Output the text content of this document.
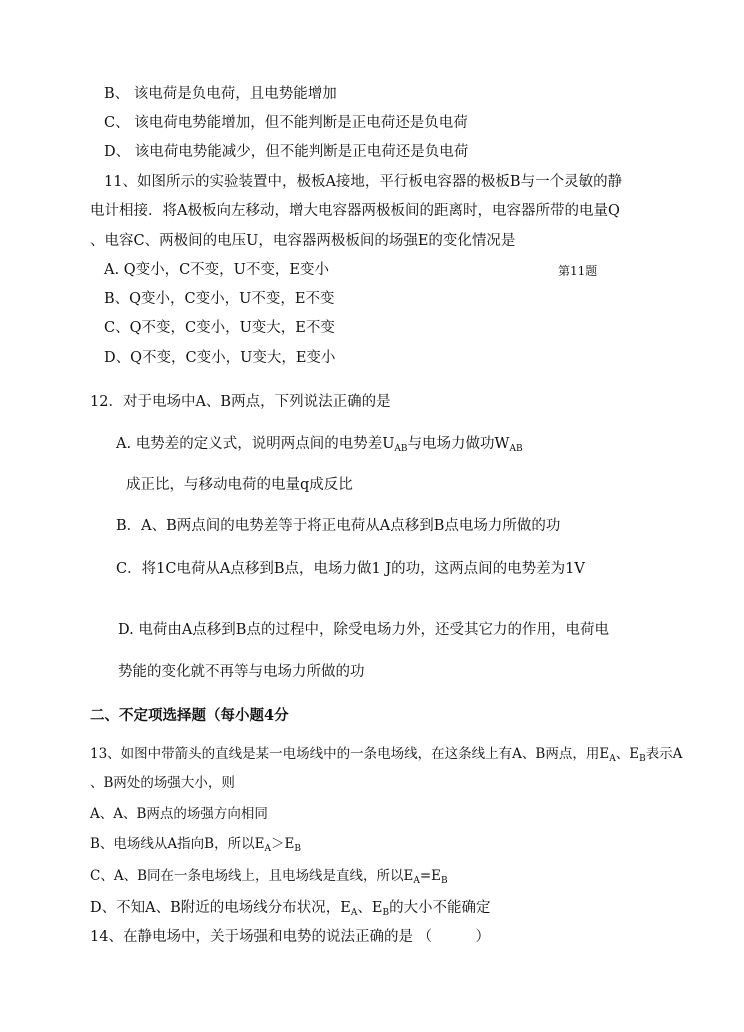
B、 该电荷是负电荷，且电势能增加
C、 该电荷电势能增加，但不能判断是正电荷还是负电荷
D、 该电荷电势能减少，但不能判断是正电荷还是负电荷
11、如图所示的实验装置中，极板A接地，平行板电容器的极板B与一个灵敏的静
电计相接．将A极板向左移动，增大电容器两极板间的距离时，电容器所带的电量Q
、电容C、两极间的电压U，电容器两极板间的场强E的变化情况是
A. Q变小，C不变，U不变，E变小	第11题
B、Q变小，C变小，U不变，E不变
C、Q不变，C变小，U变大，E不变
D、Q不变，C变小，U变大，E变小
12．对于电场中A、B两点，下列说法正确的是
A. 电势差的定义式，说明两点间的电势差$U_{AB}$与电场力做功$W_{AB}$
成正比，与移动电荷的电量q成反比
B．A、B两点间的电势差等于将正电荷从A点移到B点电场力所做的功
C．将1C电荷从A点移到B点，电场力做1 J的功，这两点间的电势差为1V
D. 电荷由A点移到B点的过程中，除受电场力外，还受其它力的作用，电荷电
势能的变化就不再等与电场力所做的功
二、不定项选择题（每小题4分
13、如图中带箭头的直线是某一电场线中的一条电场线，在这条线上有A、B两点，用$E_A$、$E_B$表示A
、B两处的场强大小，则
A、A、B两点的场强方向相同
B、电场线从A指向B，所以$E_A>E_B$
C、A、B同在一条电场线上，且电场线是直线，所以$E_A=E_B$
D、不知A、B附近的电场线分布状况，$E_A$、$E_B$的大小不能确定
14、在静电场中，关于场强和电势的说法正确的是 （　　　）
